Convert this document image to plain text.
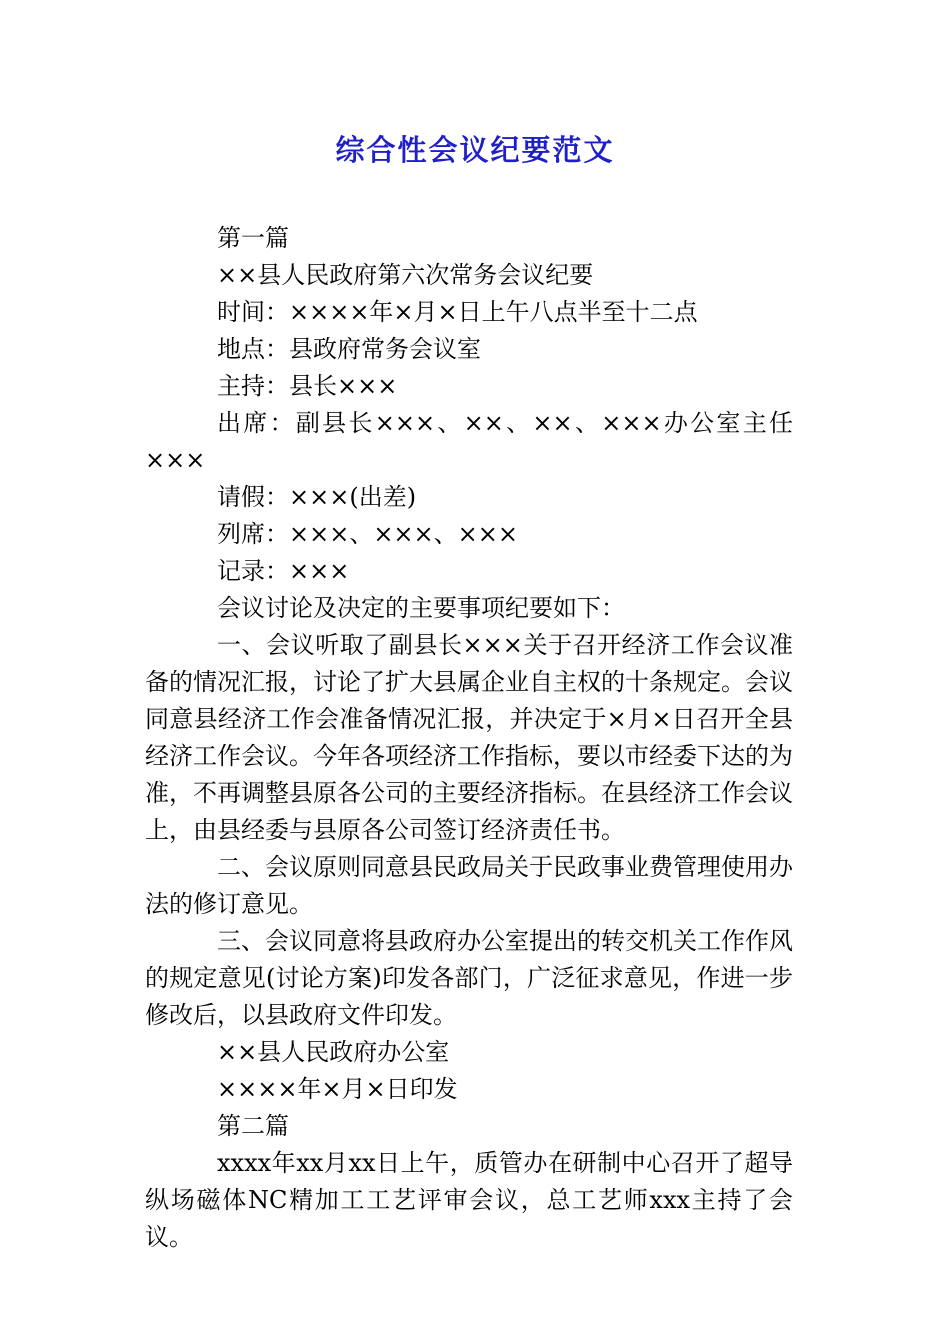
综合性会议纪要范文

第一篇

××县人民政府第六次常务会议纪要

时间：××××年×月×日上午八点半至十二点

地点：县政府常务会议室

主持：县长×××

出席：副县长×××、××、××、×××办公室主任×××

请假：×××(出差)

列席：×××、×××、×××

记录：×××

会议讨论及决定的主要事项纪要如下：

一、会议听取了副县长×××关于召开经济工作会议准备的情况汇报，讨论了扩大县属企业自主权的十条规定。会议同意县经济工作会准备情况汇报，并决定于×月×日召开全县经济工作会议。今年各项经济工作指标，要以市经委下达的为准，不再调整县原各公司的主要经济指标。在县经济工作会议上，由县经委与县原各公司签订经济责任书。

二、会议原则同意县民政局关于民政事业费管理使用办法的修订意见。

三、会议同意将县政府办公室提出的转交机关工作作风的规定意见(讨论方案)印发各部门，广泛征求意见，作进一步修改后，以县政府文件印发。

××县人民政府办公室

××××年×月×日印发

第二篇

xxxx年xx月xx日上午，质管办在研制中心召开了超导纵场磁体NC精加工工艺评审会议，总工艺师xxx主持了会议。
